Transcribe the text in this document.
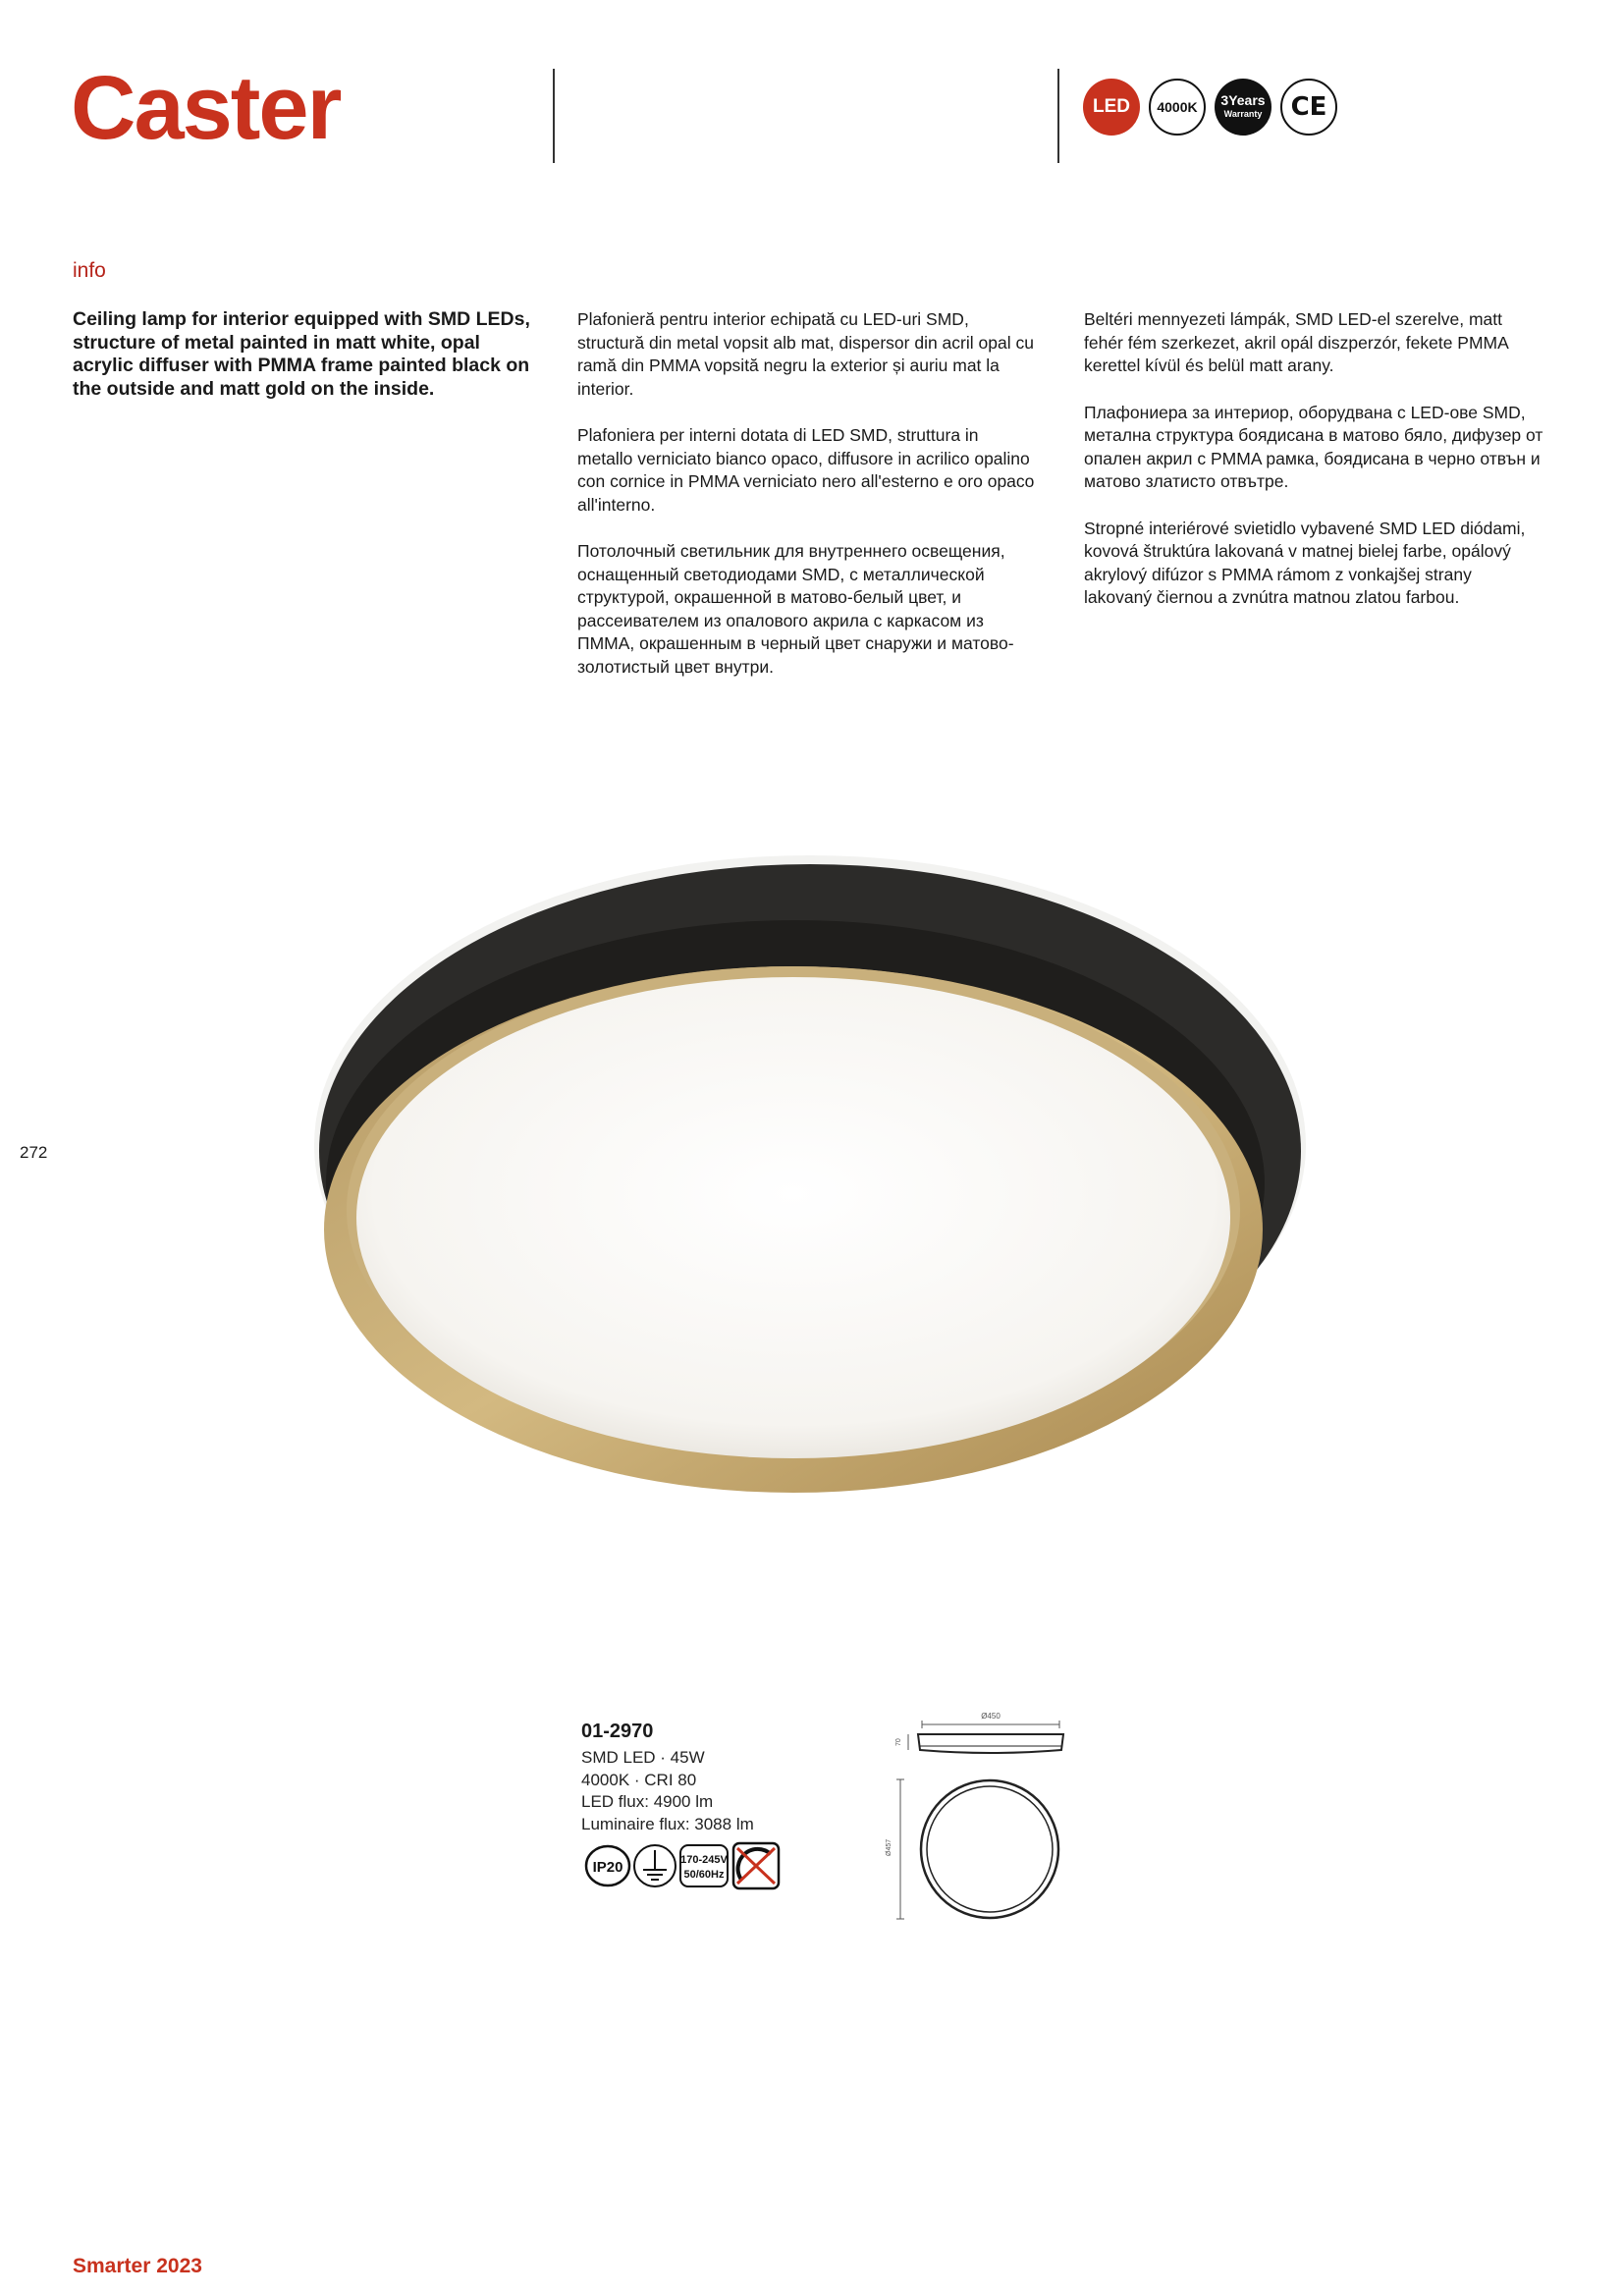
Caster	LED 4000K 3Years
Warranty CE
info

Ceiling lamp for interior equipped with SMD LEDs, structure of metal painted in matt white, opal acrylic diffuser with PMMA frame painted black on the outside and matt gold on the inside.

Plafonieră pentru interior echipată cu LED-uri SMD, structură din metal vopsit alb mat, dispersor din acril opal cu ramă din PMMA vopsită negru la exterior și auriu mat la interior.

Plafoniera per interni dotata di LED SMD, struttura in metallo verniciato bianco opaco, diffusore in acrilico opalino con cornice in PMMA verniciato nero all'esterno e oro opaco all'interno.

Потолочный светильник для внутреннего освещения, оснащенный светодиодами SMD, с металлической структурой, окрашенной в матово-белый цвет, и рассеивателем из опалового акрила с каркасом из ПММА, окрашенным в черный цвет снаружи и матово-золотистый цвет внутри.

Beltéri mennyezeti lámpák, SMD LED-el szerelve, matt fehér fém szerkezet, akril opál diszperzór, fekete PMMA kerettel kívül és belül matt arany.

Плафониера за интериор, оборудвана с LED-ове SMD, метална структура боядисана в матово бяло, дифузер от опален акрил с PMMA рамка, боядисана в черно отвън и матово златисто отвътре.

Stropné interiérové svietidlo vybavené SMD LED diódami, kovová štruktúra lakovaná v matnej bielej farbe, opálový akrylový difúzor s PMMA rámom z vonkajšej strany lakovaný čiernou a zvnútra matnou zlatou farbou.

272
01-2970
SMD LED · 45W
4000K · CRI 80
LED flux: 4900 lm
Luminaire flux: 3088 lm
IP20	170-245V
50/60Hz
Ø450
70
Ø457
Smarter 2023
